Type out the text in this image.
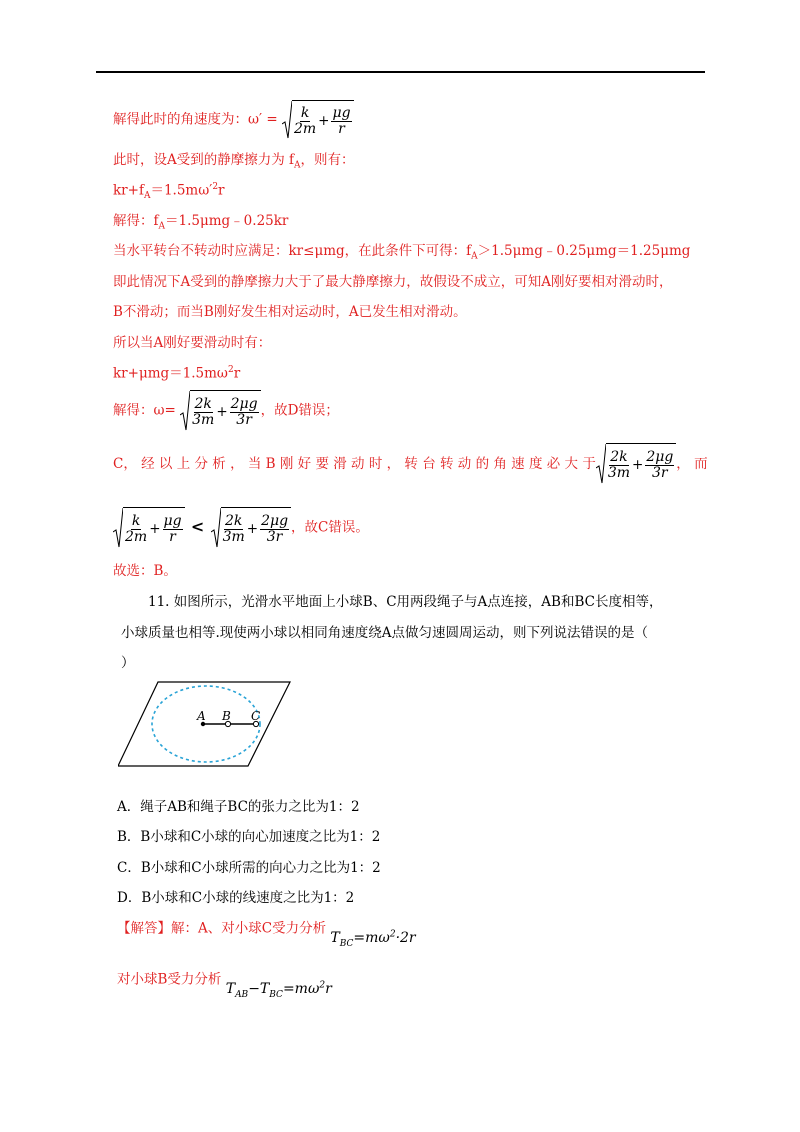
解得此时的角速度为：$\omega' = \frac{k}{2m} + \frac{\mu g}{r}$
此时，设A受到的静摩擦力为 $f_A$，则有：
$kr+f_A=1.5m\omega'^2r$
解得：$f_A=1.5\mu mg﹣0.25kr$
当水平转台不转动时应满足：kr≤μmg，在此条件下可得：$f_A>1.5\mu mg﹣0.25\mu mg=1.25\mu mg$
即此情况下A受到的静摩擦力大于了最大静摩擦力，故假设不成立，可知A刚好要相对滑动时，
B不滑动；而当B刚好发生相对运动时，A已发生相对滑动。
所以当A刚好要滑动时有：
$kr+\mu mg=1.5m\omega^2r$
解得：$\omega= \frac{2k}{3m} + \frac{2\mu g}{3r}$ ，故D错误；
C， 经 以 上 分 析 ， 当 B 刚 好 要 滑 动 时 ， 转 台 转 动 的 角 速 度 必 大 于 $\frac{2k}{3m} + \frac{2\mu g}{3r}$ ， 而
$\frac{k}{2m} + \frac{\mu g}{r} < \frac{2k}{3m} + \frac{2\mu g}{3r}$ ，故C错误。
故选：B。
11. 如图所示，光滑水平地面上小球B、C用两段绳子与A点连接，AB和BC长度相等，
小球质量也相等.现使两小球以相同角速度绕A点做匀速圆周运动，则下列说法错误的是（
）
A B C
A．绳子AB和绳子BC的张力之比为1：2
B．B小球和C小球的向心加速度之比为1：2
C．B小球和C小球所需的向心力之比为1：2
D．B小球和C小球的线速度之比为1：2
【解答】解：A、对小球C受力分析 $T_{BC}=m\omega^2\cdot 2r$
对小球B受力分析 $T_{AB}-T_{BC}=m\omega^2r$
